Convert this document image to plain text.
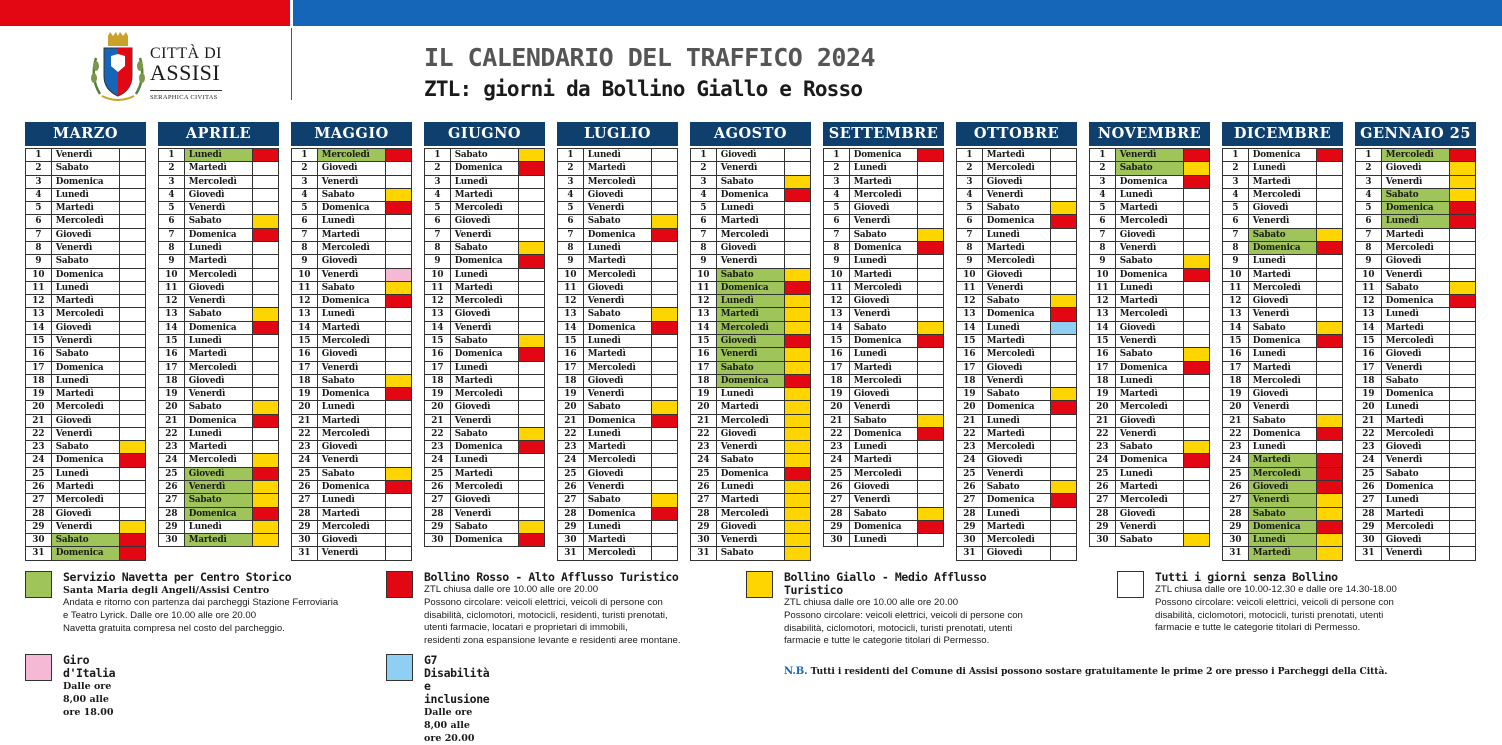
CITTÀ DI
ASSISI
SERAPHICA CIVITAS
IL CALENDARIO DEL TRAFFICO 2024
ZTL: giorni da Bollino Giallo e Rosso
MARZO
1	Venerdì
2	Sabato
3	Domenica
4	Lunedì
5	Martedì
6	Mercoledì
7	Giovedì
8	Venerdì
9	Sabato
10	Domenica
11	Lunedì
12	Martedì
13	Mercoledì
14	Giovedì
15	Venerdì
16	Sabato
17	Domenica
18	Lunedì
19	Martedì
20	Mercoledì
21	Giovedì
22	Venerdì
23	Sabato
24	Domenica
25	Lunedì
26	Martedì
27	Mercoledì
28	Giovedì
29	Venerdì
30	Sabato
31	Domenica
APRILE
1	Lunedì
2	Martedì
3	Mercoledì
4	Giovedì
5	Venerdì
6	Sabato
7	Domenica
8	Lunedì
9	Martedì
10	Mercoledì
11	Giovedì
12	Venerdì
13	Sabato
14	Domenica
15	Lunedì
16	Martedì
17	Mercoledì
18	Giovedì
19	Venerdì
20	Sabato
21	Domenica
22	Lunedì
23	Martedì
24	Mercoledì
25	Giovedì
26	Venerdì
27	Sabato
28	Domenica
29	Lunedì
30	Martedì
MAGGIO
1	Mercoledì
2	Giovedì
3	Venerdì
4	Sabato
5	Domenica
6	Lunedì
7	Martedì
8	Mercoledì
9	Giovedì
10	Venerdì
11	Sabato
12	Domenica
13	Lunedì
14	Martedì
15	Mercoledì
16	Giovedì
17	Venerdì
18	Sabato
19	Domenica
20	Lunedì
21	Martedì
22	Mercoledì
23	Giovedì
24	Venerdì
25	Sabato
26	Domenica
27	Lunedì
28	Martedì
29	Mercoledì
30	Giovedì
31	Venerdì
GIUGNO
1	Sabato
2	Domenica
3	Lunedì
4	Martedì
5	Mercoledì
6	Giovedì
7	Venerdì
8	Sabato
9	Domenica
10	Lunedì
11	Martedì
12	Mercoledì
13	Giovedì
14	Venerdì
15	Sabato
16	Domenica
17	Lunedì
18	Martedì
19	Mercoledì
20	Giovedì
21	Venerdì
22	Sabato
23	Domenica
24	Lunedì
25	Martedì
26	Mercoledì
27	Giovedì
28	Venerdì
29	Sabato
30	Domenica
LUGLIO
1	Lunedì
2	Martedì
3	Mercoledì
4	Giovedì
5	Venerdì
6	Sabato
7	Domenica
8	Lunedì
9	Martedì
10	Mercoledì
11	Giovedì
12	Venerdì
13	Sabato
14	Domenica
15	Lunedì
16	Martedì
17	Mercoledì
18	Giovedì
19	Venerdì
20	Sabato
21	Domenica
22	Lunedì
23	Martedì
24	Mercoledì
25	Giovedì
26	Venerdì
27	Sabato
28	Domenica
29	Lunedì
30	Martedì
31	Mercoledì
AGOSTO
1	Giovedì
2	Venerdì
3	Sabato
4	Domenica
5	Lunedì
6	Martedì
7	Mercoledì
8	Giovedì
9	Venerdì
10	Sabato
11	Domenica
12	Lunedì
13	Martedì
14	Mercoledì
15	Giovedì
16	Venerdì
17	Sabato
18	Domenica
19	Lunedì
20	Martedì
21	Mercoledì
22	Giovedì
23	Venerdì
24	Sabato
25	Domenica
26	Lunedì
27	Martedì
28	Mercoledì
29	Giovedì
30	Venerdì
31	Sabato
SETTEMBRE
1	Domenica
2	Lunedì
3	Martedì
4	Mercoledì
5	Giovedì
6	Venerdì
7	Sabato
8	Domenica
9	Lunedì
10	Martedì
11	Mercoledì
12	Giovedì
13	Venerdì
14	Sabato
15	Domenica
16	Lunedì
17	Martedì
18	Mercoledì
19	Giovedì
20	Venerdì
21	Sabato
22	Domenica
23	Lunedì
24	Martedì
25	Mercoledì
26	Giovedì
27	Venerdì
28	Sabato
29	Domenica
30	Lunedì
OTTOBRE
1	Martedì
2	Mercoledì
3	Giovedì
4	Venerdì
5	Sabato
6	Domenica
7	Lunedì
8	Martedì
9	Mercoledì
10	Giovedì
11	Venerdì
12	Sabato
13	Domenica
14	Lunedì
15	Martedì
16	Mercoledì
17	Giovedì
18	Venerdì
19	Sabato
20	Domenica
21	Lunedì
22	Martedì
23	Mercoledì
24	Giovedì
25	Venerdì
26	Sabato
27	Domenica
28	Lunedì
29	Martedì
30	Mercoledì
31	Giovedì
NOVEMBRE
1	Venerdì
2	Sabato
3	Domenica
4	Lunedì
5	Martedì
6	Mercoledì
7	Giovedì
8	Venerdì
9	Sabato
10	Domenica
11	Lunedì
12	Martedì
13	Mercoledì
14	Giovedì
15	Venerdì
16	Sabato
17	Domenica
18	Lunedì
19	Martedì
20	Mercoledì
21	Giovedì
22	Venerdì
23	Sabato
24	Domenica
25	Lunedì
26	Martedì
27	Mercoledì
28	Giovedì
29	Venerdì
30	Sabato
DICEMBRE
1	Domenica
2	Lunedì
3	Martedì
4	Mercoledì
5	Giovedì
6	Venerdì
7	Sabato
8	Domenica
9	Lunedì
10	Martedì
11	Mercoledì
12	Giovedì
13	Venerdì
14	Sabato
15	Domenica
16	Lunedì
17	Martedì
18	Mercoledì
19	Giovedì
20	Venerdì
21	Sabato
22	Domenica
23	Lunedì
24	Martedì
25	Mercoledì
26	Giovedì
27	Venerdì
28	Sabato
29	Domenica
30	Lunedì
31	Martedì
GENNAIO 25
1	Mercoledì
2	Giovedì
3	Venerdì
4	Sabato
5	Domenica
6	Lunedì
7	Martedì
8	Mercoledì
9	Giovedì
10	Venerdì
11	Sabato
12	Domenica
13	Lunedì
14	Martedì
15	Mercoledì
16	Giovedì
17	Venerdì
18	Sabato
19	Domenica
20	Lunedì
21	Martedì
22	Mercoledì
23	Giovedì
24	Venerdì
25	Sabato
26	Domenica
27	Lunedì
28	Martedì
29	Mercoledì
30	Giovedì
31	Venerdì
Servizio Navetta per Centro Storico
Santa Maria degli Angeli/Assisi Centro
Andata e ritorno con partenza dai parcheggi Stazione Ferroviaria
e Teatro Lyrick. Dalle ore 10.00 alle ore 20.00
Navetta gratuita compresa nel costo del parcheggio.
Bollino Rosso - Alto Afflusso Turistico
ZTL chiusa dalle ore 10.00 alle ore 20.00
Possono circolare: veicoli elettrici, veicoli di persone con
disabilità, ciclomotori, motocicli, residenti, turisti prenotati,
utenti farmacie, locatari e proprietari di immobili,
residenti zona espansione levante e residenti aree montane.
Bollino Giallo - Medio Afflusso Turistico
ZTL chiusa dalle ore 10.00 alle ore 20.00
Possono circolare: veicoli elettrici, veicoli di persone con
disabilità, ciclomotori, motocicli, turisti prenotati, utenti
farmacie e tutte le categorie titolari di Permesso.
Tutti i giorni senza Bollino
ZTL chiusa dalle ore 10.00-12.30 e dalle ore 14.30-18.00
Possono circolare: veicoli elettrici, veicoli di persone con
disabilità, ciclomotori, motocicli, turisti prenotati, utenti
farmacie e tutte le categorie titolari di Permesso.
Giro d'Italia
Dalle ore 8,00 alle ore 18.00
G7 Disabilità e inclusione
Dalle ore 8,00 alle ore 20.00
N.B. Tutti i residenti del Comune di Assisi possono sostare gratuitamente le prime 2 ore presso i Parcheggi della Città.
